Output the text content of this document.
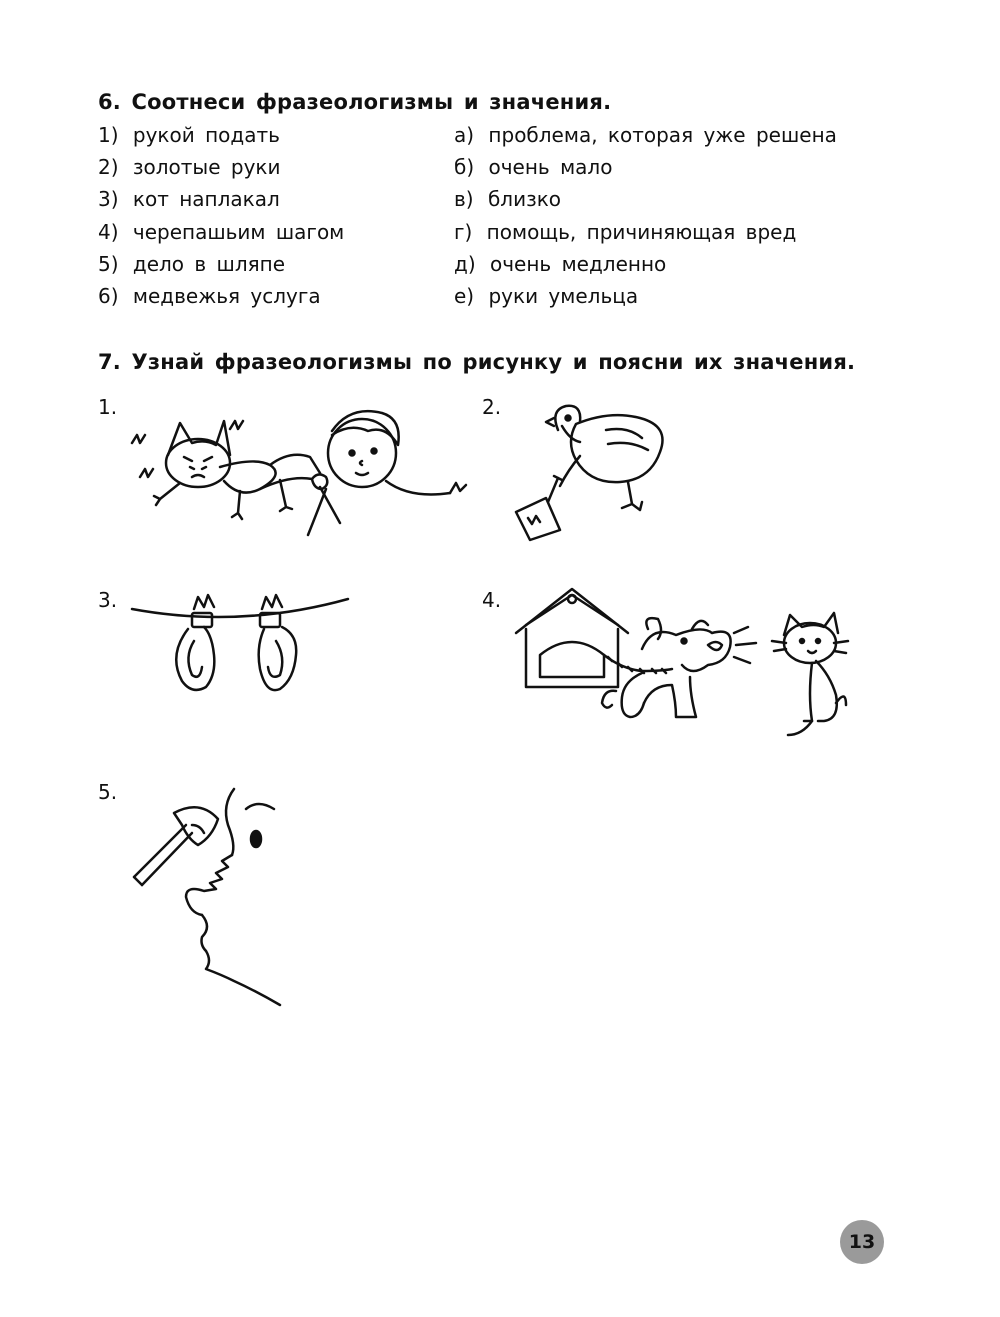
6. Соотнеси фразеологизмы и значения.
1) рукой подать
2) золотые руки
3) кот наплакал
4) черепашьим шагом
5) дело в шляпе
6) медвежья услуга
а) проблема, которая уже решена
б) очень мало
в) близко
г) помощь, причиняющая вред
д) очень медленно
е) руки умельца
7. Узнай фразеологизмы по рисунку и поясни их значения.
1.	2.
3.	4.
5.
13
